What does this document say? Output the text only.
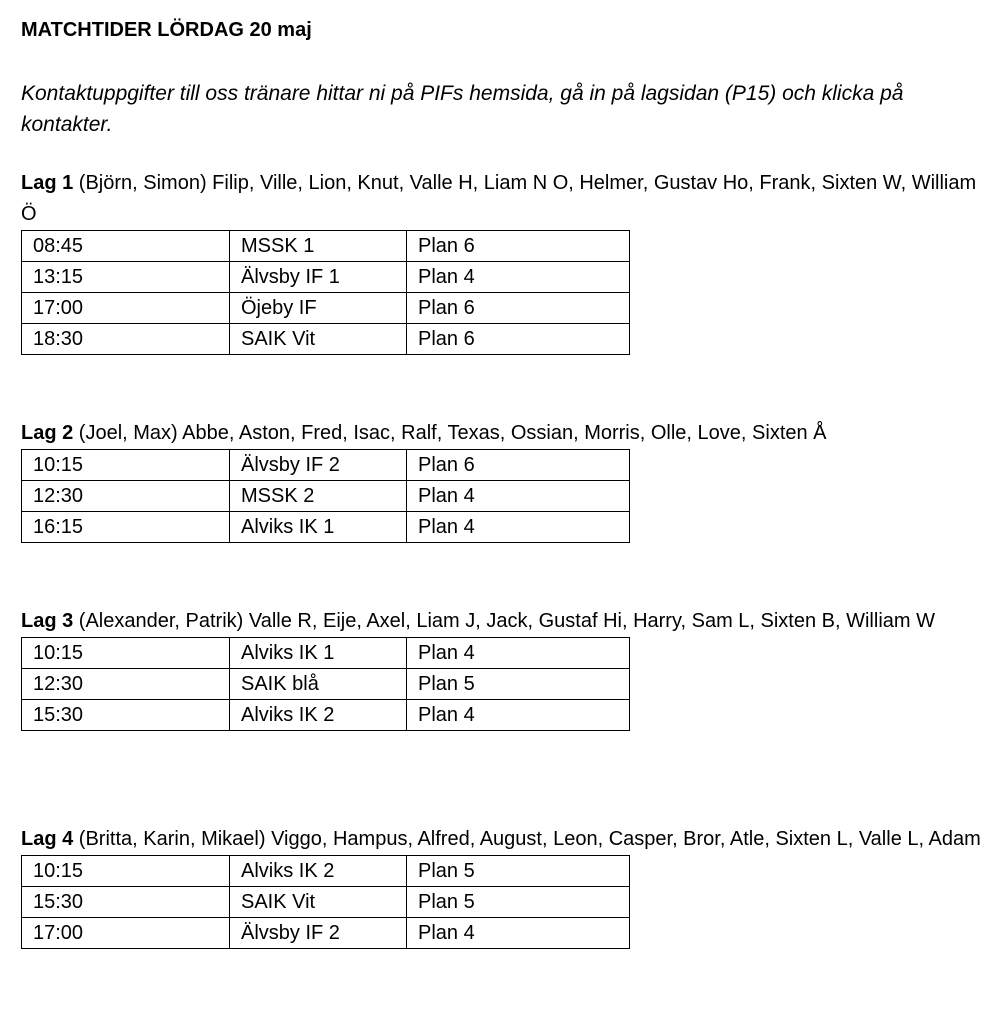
MATCHTIDER LÖRDAG 20 maj
Kontaktuppgifter till oss tränare hittar ni på PIFs hemsida, gå in på lagsidan (P15) och klicka på kontakter.

Lag 1 (Björn, Simon) Filip, Ville, Lion, Knut, Valle H, Liam N O, Helmer, Gustav Ho, Frank, Sixten W, William Ö

08:45	MSSK 1	Plan 6
13:15	Älvsby IF 1	Plan 4
17:00	Öjeby IF	Plan 6
18:30	SAIK Vit	Plan 6

Lag 2 (Joel, Max) Abbe, Aston, Fred, Isac, Ralf, Texas, Ossian, Morris, Olle, Love, Sixten Å

10:15	Älvsby IF 2	Plan 6
12:30	MSSK 2	Plan 4
16:15	Alviks IK 1	Plan 4

Lag 3 (Alexander, Patrik) Valle R, Eije, Axel, Liam J, Jack, Gustaf Hi, Harry, Sam L, Sixten B, William W

10:15	Alviks IK 1	Plan 4
12:30	SAIK blå	Plan 5
15:30	Alviks IK 2	Plan 4

Lag 4 (Britta, Karin, Mikael) Viggo, Hampus, Alfred, August, Leon, Casper, Bror, Atle, Sixten L, Valle L, Adam

10:15	Alviks IK 2	Plan 5
15:30	SAIK Vit	Plan 5
17:00	Älvsby IF 2	Plan 4
